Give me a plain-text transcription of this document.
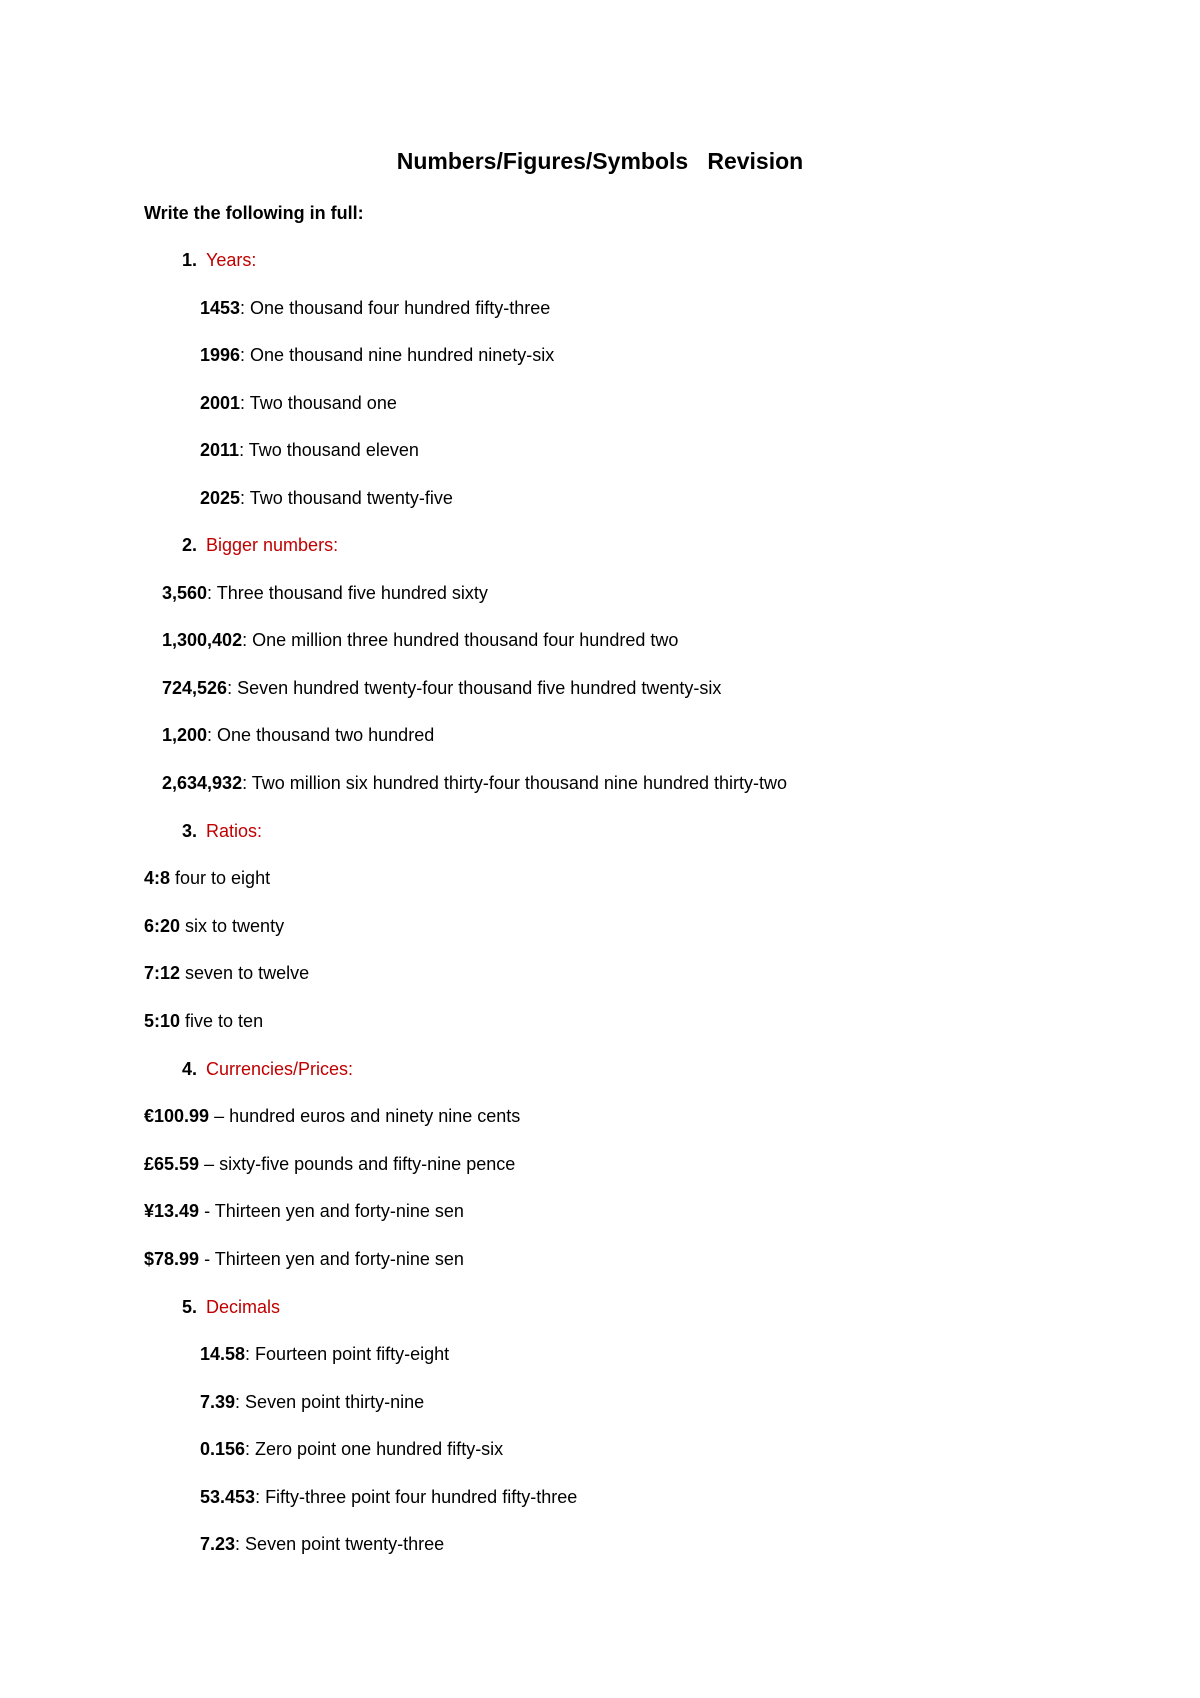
Numbers/Figures/Symbols   Revision
Write the following in full:
1. Years:
1453: One thousand four hundred fifty-three
1996: One thousand nine hundred ninety-six
2001: Two thousand one
2011: Two thousand eleven
2025: Two thousand twenty-five
2. Bigger numbers:
3,560: Three thousand five hundred sixty
1,300,402: One million three hundred thousand four hundred two
724,526: Seven hundred twenty-four thousand five hundred twenty-six
1,200: One thousand two hundred
2,634,932: Two million six hundred thirty-four thousand nine hundred thirty-two
3. Ratios:
4:8 four to eight
6:20 six to twenty
7:12 seven to twelve
5:10 five to ten
4. Currencies/Prices:
€100.99 – hundred euros and ninety nine cents
£65.59 – sixty-five pounds and fifty-nine pence
¥13.49 - Thirteen yen and forty-nine sen
$78.99 - Thirteen yen and forty-nine sen
5. Decimals
14.58: Fourteen point fifty-eight
7.39: Seven point thirty-nine
0.156: Zero point one hundred fifty-six
53.453: Fifty-three point four hundred fifty-three
7.23: Seven point twenty-three
